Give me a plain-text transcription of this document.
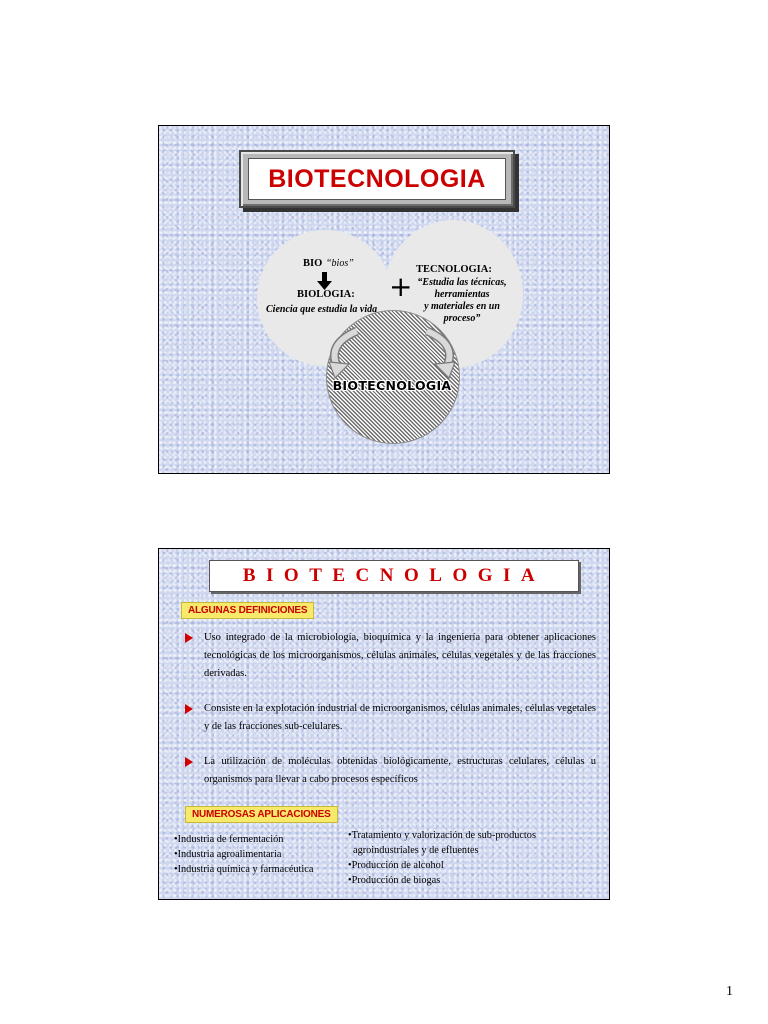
BIOTECNOLOGIA
BIO “bios”
BIOLOGIA:
Ciencia que estudia la vida
+
TECNOLOGIA:
“Estudia las técnicas,
herramientas
y materiales en un
proceso”
BIOTECNOLOGIA
BIOTECNOLOGIA
ALGUNAS DEFINICIONES
Uso integrado de la microbiología, bioquímica y la ingeniería para obtener aplicaciones tecnológicas de los microorganismos, células animales, células vegetales y de las fracciones derivadas.
Consiste en la explotación industrial de microorganismos, células animales, células vegetales y de las fracciones sub-celulares.
La utilización de moléculas obtenidas biológicamente, estructuras celulares, células u organismos para llevar a cabo procesos específicos
NUMEROSAS APLICACIONES
•Industria de fermentación
•Industria agroalimentaria
•Industria química y farmacéutica
•Tratamiento y valorización de sub-productos
agroindustriales y de efluentes
•Producción de alcohol
•Producción de biogas
1
